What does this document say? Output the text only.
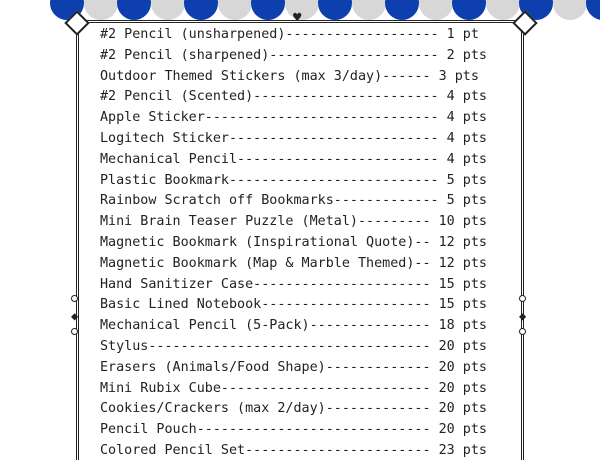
♥
◆	◆
#2 Pencil (unsharpened)------------------- 1 pt
#2 Pencil (sharpened)--------------------- 2 pts
Outdoor Themed Stickers (max 3/day)------ 3 pts
#2 Pencil (Scented)----------------------- 4 pts
Apple Sticker----------------------------- 4 pts
Logitech Sticker-------------------------- 4 pts
Mechanical Pencil------------------------- 4 pts
Plastic Bookmark-------------------------- 5 pts
Rainbow Scratch off Bookmarks------------- 5 pts
Mini Brain Teaser Puzzle (Metal)--------- 10 pts
Magnetic Bookmark (Inspirational Quote)-- 12 pts
Magnetic Bookmark (Map & Marble Themed)-- 12 pts
Hand Sanitizer Case---------------------- 15 pts
Basic Lined Notebook--------------------- 15 pts
Mechanical Pencil (5-Pack)--------------- 18 pts
Stylus----------------------------------- 20 pts
Erasers (Animals/Food Shape)------------- 20 pts
Mini Rubix Cube-------------------------- 20 pts
Cookies/Crackers (max 2/day)------------- 20 pts
Pencil Pouch----------------------------- 20 pts
Colored Pencil Set----------------------- 23 pts
